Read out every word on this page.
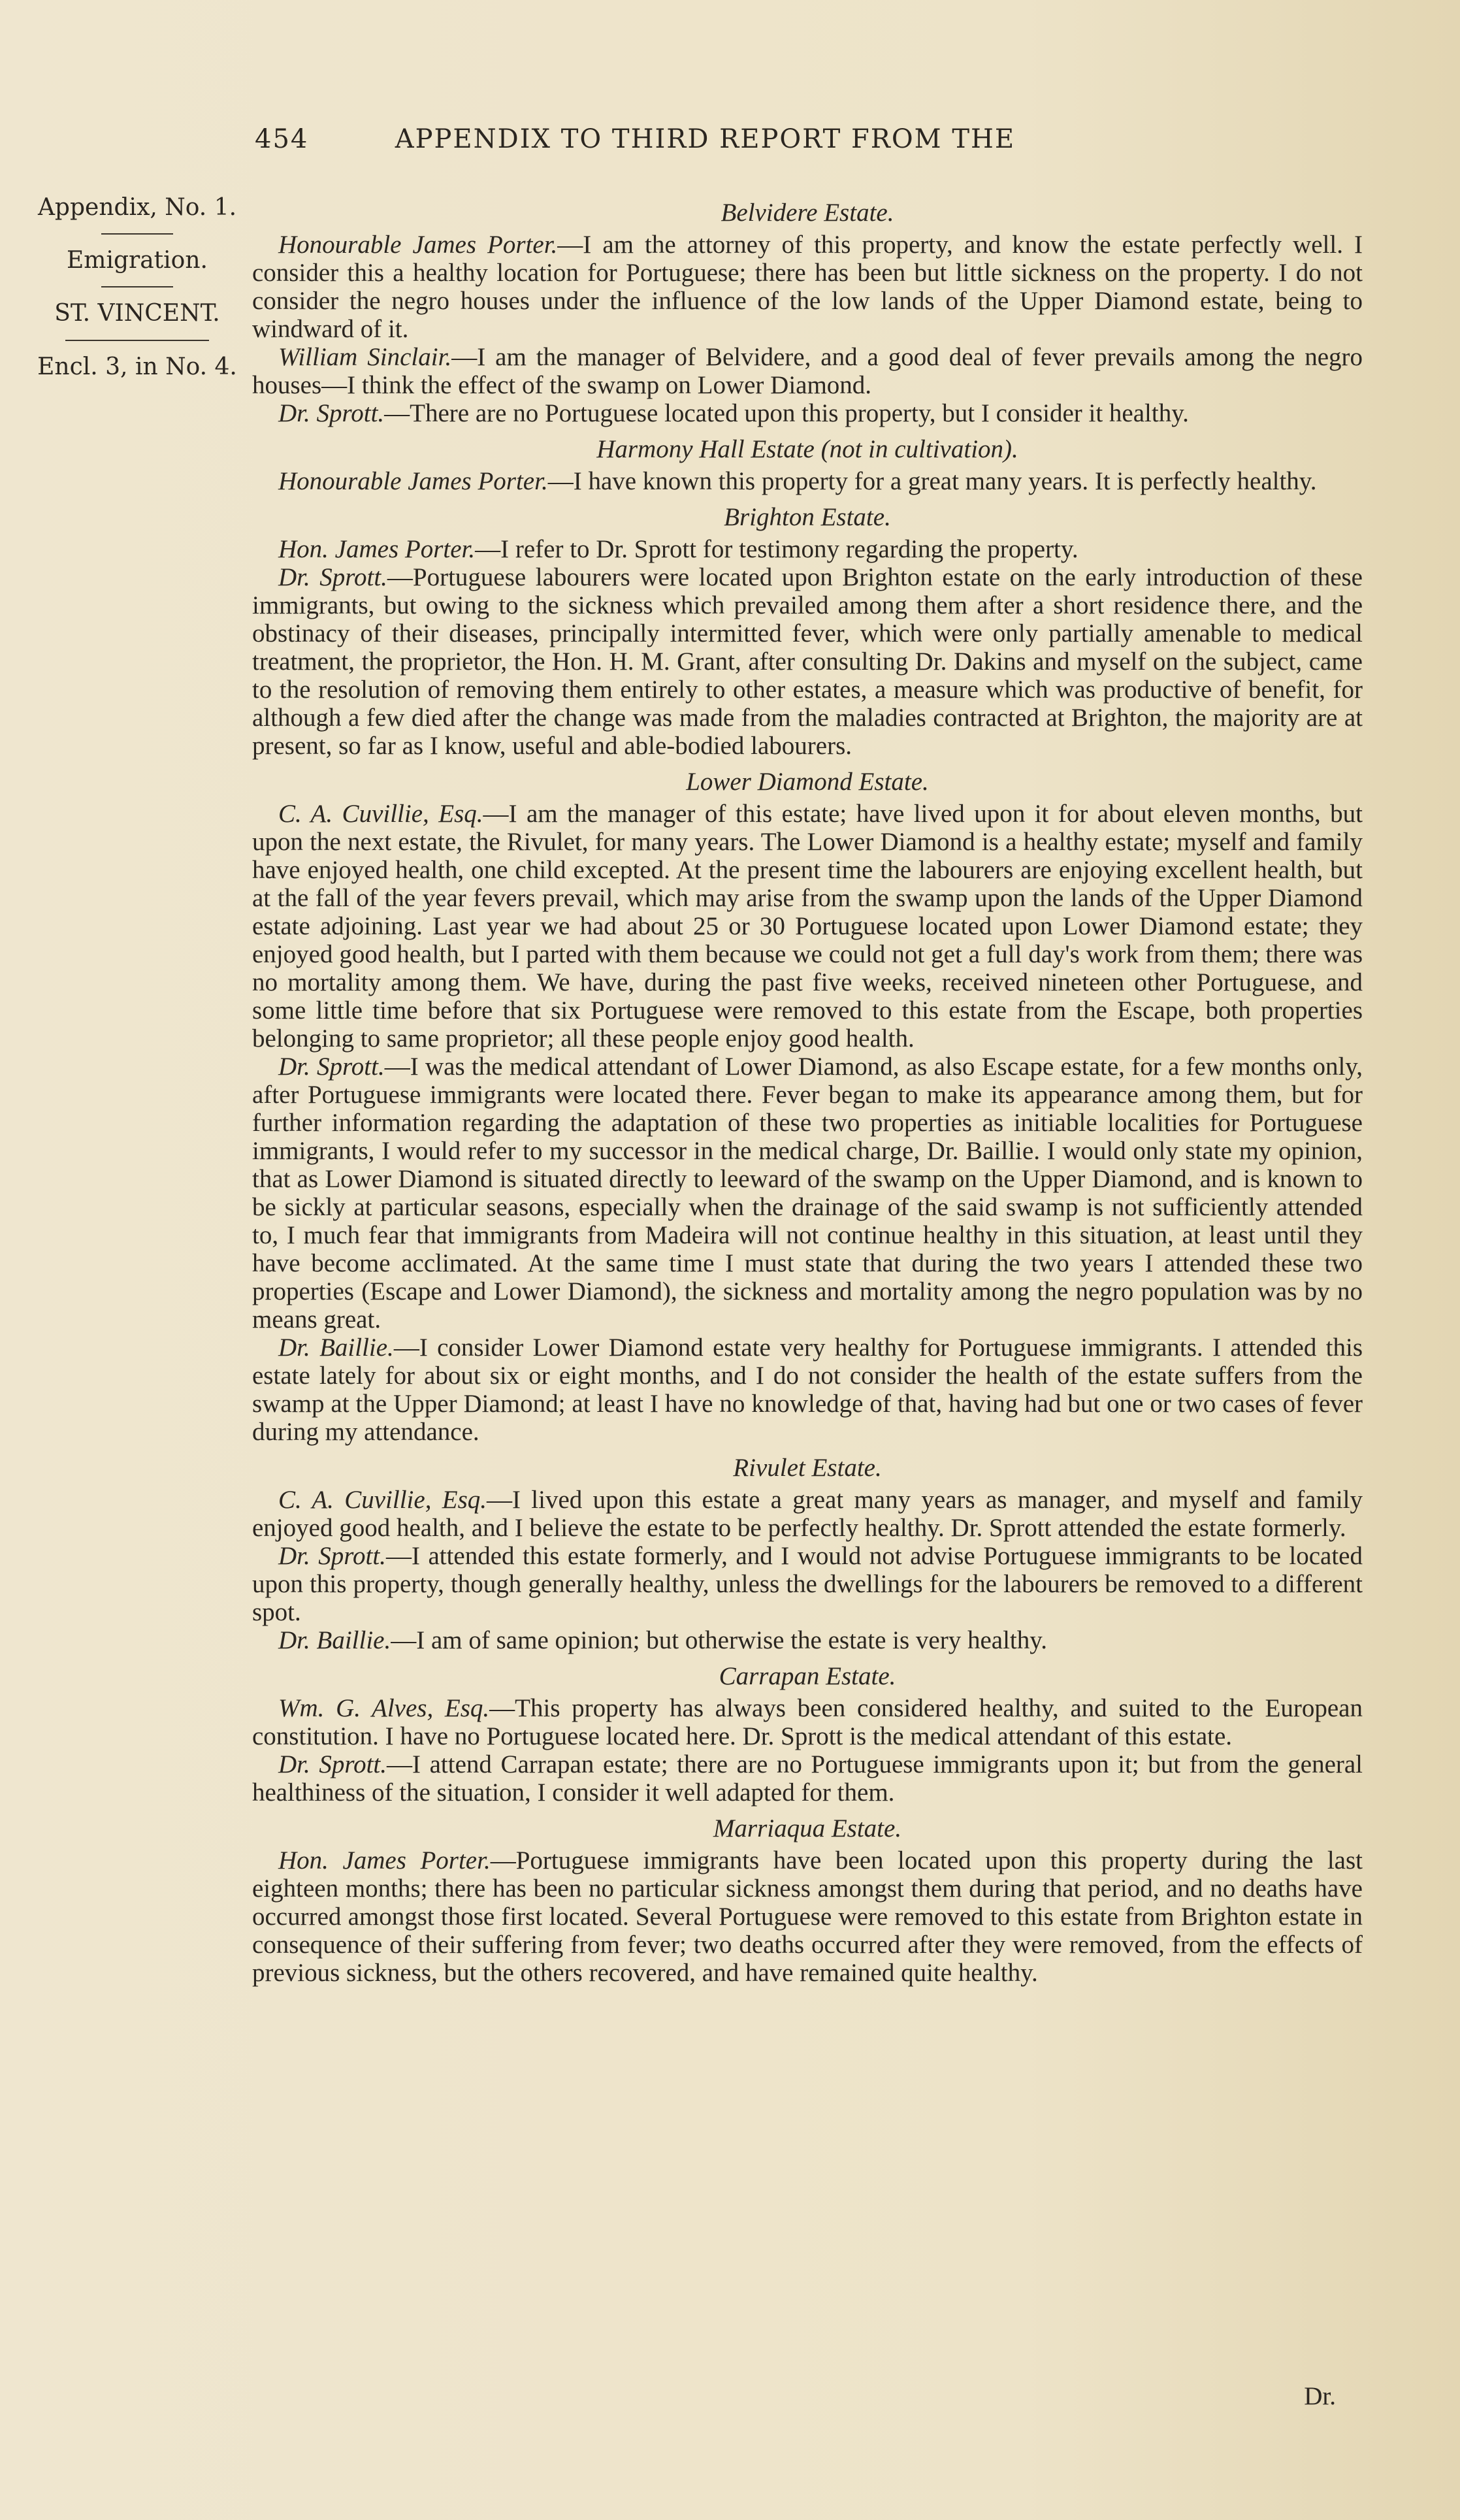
454	APPENDIX TO THIRD REPORT FROM THE
Appendix, No. 1.
Emigration.
ST. VINCENT.
Encl. 3, in No. 4.
Belvidere Estate.

Honourable James Porter.—I am the attorney of this property, and know the estate perfectly well. I consider this a healthy location for Portuguese; there has been but little sickness on the property. I do not consider the negro houses under the influence of the low lands of the Upper Diamond estate, being to windward of it.

William Sinclair.—I am the manager of Belvidere, and a good deal of fever prevails among the negro houses—I think the effect of the swamp on Lower Diamond.

Dr. Sprott.—There are no Portuguese located upon this property, but I consider it healthy.

Harmony Hall Estate (not in cultivation).

Honourable James Porter.—I have known this property for a great many years. It is perfectly healthy.

Brighton Estate.

Hon. James Porter.—I refer to Dr. Sprott for testimony regarding the property.

Dr. Sprott.—Portuguese labourers were located upon Brighton estate on the early introduction of these immigrants, but owing to the sickness which prevailed among them after a short residence there, and the obstinacy of their diseases, principally intermitted fever, which were only partially amenable to medical treatment, the proprietor, the Hon. H. M. Grant, after consulting Dr. Dakins and myself on the subject, came to the resolution of removing them entirely to other estates, a measure which was productive of benefit, for although a few died after the change was made from the maladies contracted at Brighton, the majority are at present, so far as I know, useful and able-bodied labourers.

Lower Diamond Estate.

C. A. Cuvillie, Esq.—I am the manager of this estate; have lived upon it for about eleven months, but upon the next estate, the Rivulet, for many years. The Lower Diamond is a healthy estate; myself and family have enjoyed health, one child excepted. At the present time the labourers are enjoying excellent health, but at the fall of the year fevers prevail, which may arise from the swamp upon the lands of the Upper Diamond estate adjoining. Last year we had about 25 or 30 Portuguese located upon Lower Diamond estate; they enjoyed good health, but I parted with them because we could not get a full day's work from them; there was no mortality among them. We have, during the past five weeks, received nineteen other Portuguese, and some little time before that six Portuguese were removed to this estate from the Escape, both properties belonging to same proprietor; all these people enjoy good health.

Dr. Sprott.—I was the medical attendant of Lower Diamond, as also Escape estate, for a few months only, after Portuguese immigrants were located there. Fever began to make its appearance among them, but for further information regarding the adaptation of these two properties as initiable localities for Portuguese immigrants, I would refer to my successor in the medical charge, Dr. Baillie. I would only state my opinion, that as Lower Diamond is situated directly to leeward of the swamp on the Upper Diamond, and is known to be sickly at particular seasons, especially when the drainage of the said swamp is not sufficiently attended to, I much fear that immigrants from Madeira will not continue healthy in this situation, at least until they have become acclimated. At the same time I must state that during the two years I attended these two properties (Escape and Lower Diamond), the sickness and mortality among the negro population was by no means great.

Dr. Baillie.—I consider Lower Diamond estate very healthy for Portuguese immigrants. I attended this estate lately for about six or eight months, and I do not consider the health of the estate suffers from the swamp at the Upper Diamond; at least I have no knowledge of that, having had but one or two cases of fever during my attendance.

Rivulet Estate.

C. A. Cuvillie, Esq.—I lived upon this estate a great many years as manager, and myself and family enjoyed good health, and I believe the estate to be perfectly healthy. Dr. Sprott attended the estate formerly.

Dr. Sprott.—I attended this estate formerly, and I would not advise Portuguese immigrants to be located upon this property, though generally healthy, unless the dwellings for the labourers be removed to a different spot.

Dr. Baillie.—I am of same opinion; but otherwise the estate is very healthy.

Carrapan Estate.

Wm. G. Alves, Esq.—This property has always been considered healthy, and suited to the European constitution. I have no Portuguese located here. Dr. Sprott is the medical attendant of this estate.

Dr. Sprott.—I attend Carrapan estate; there are no Portuguese immigrants upon it; but from the general healthiness of the situation, I consider it well adapted for them.

Marriaqua Estate.

Hon. James Porter.—Portuguese immigrants have been located upon this property during the last eighteen months; there has been no particular sickness amongst them during that period, and no deaths have occurred amongst those first located. Several Portuguese were removed to this estate from Brighton estate in consequence of their suffering from fever; two deaths occurred after they were removed, from the effects of previous sickness, but the others recovered, and have remained quite healthy.

Dr.
